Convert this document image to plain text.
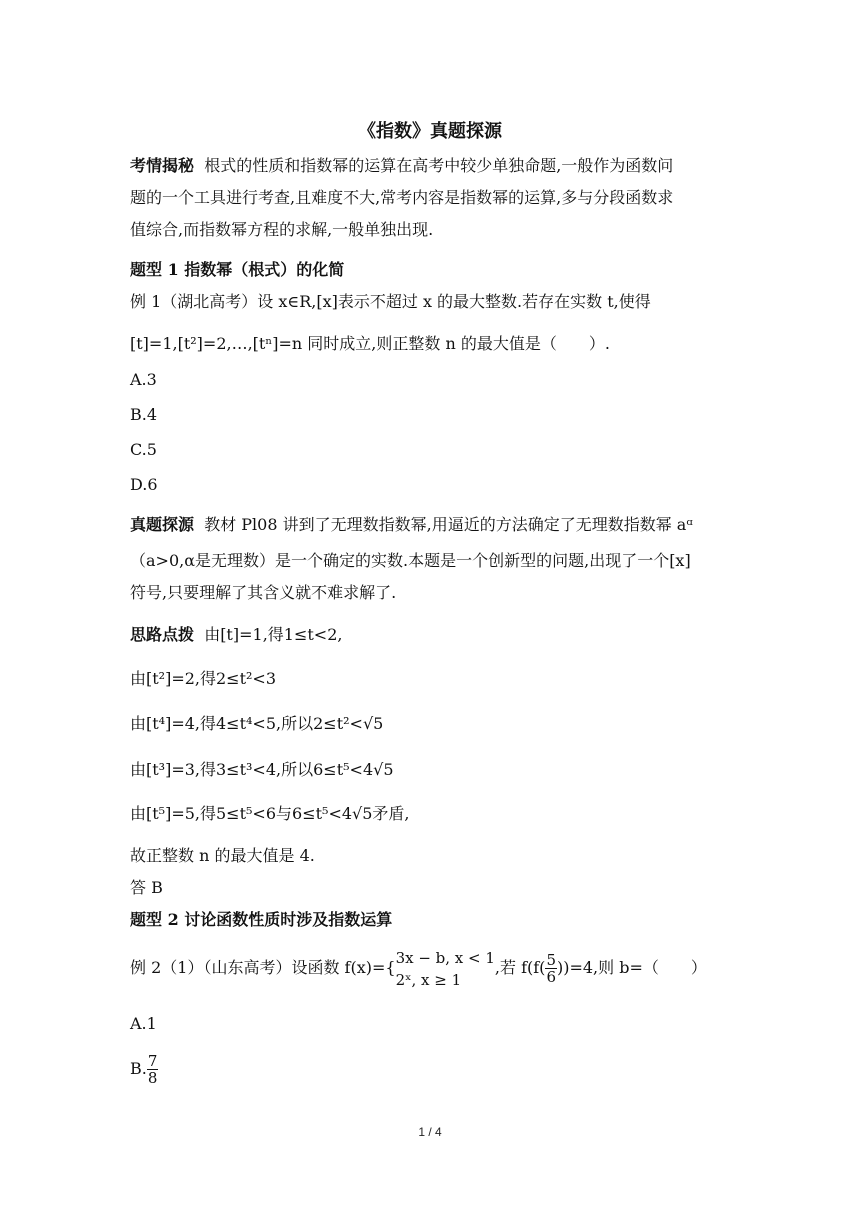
《指数》真题探源
考情揭秘 根式的性质和指数幂的运算在高考中较少单独命题,一般作为函数问
题的一个工具进行考查,且难度不大,常考内容是指数幂的运算,多与分段函数求
值综合,而指数幂方程的求解,一般单独出现.
题型 1 指数幂（根式）的化简
例 1（湖北高考）设 x∈R,[x]表示不超过 x 的最大整数.若存在实数 t,使得
[t]=1,[t²]=2,…,[tⁿ]=n 同时成立,则正整数 n 的最大值是（　　）.
A.3
B.4
C.5
D.6
真题探源 教材 Pl08 讲到了无理数指数幂,用逼近的方法确定了无理数指数幂 aᵅ
（a>0,α是无理数）是一个确定的实数.本题是一个创新型的问题,出现了一个[x]
符号,只要理解了其含义就不难求解了.
思路点拨 由[t]=1,得1≤t<2,
由[t²]=2,得2≤t²<3
由[t⁴]=4,得4≤t⁴<5,所以2≤t²<√5
由[t³]=3,得3≤t³<4,所以6≤t⁵<4√5
由[t⁵]=5,得5≤t⁵<6与6≤t⁵<4√5矛盾,
故正整数 n 的最大值是 4.
答 B
题型 2 讨论函数性质时涉及指数运算
例 2（1）（山东高考）设函数 f(x)={
3x − b, x < 1
2ˣ, x ≥ 1
,若 $f(f( \frac{5}{6} ))=4$,则 b=（　　）
A.1
B. $\frac{7}{8}$
1 / 4
